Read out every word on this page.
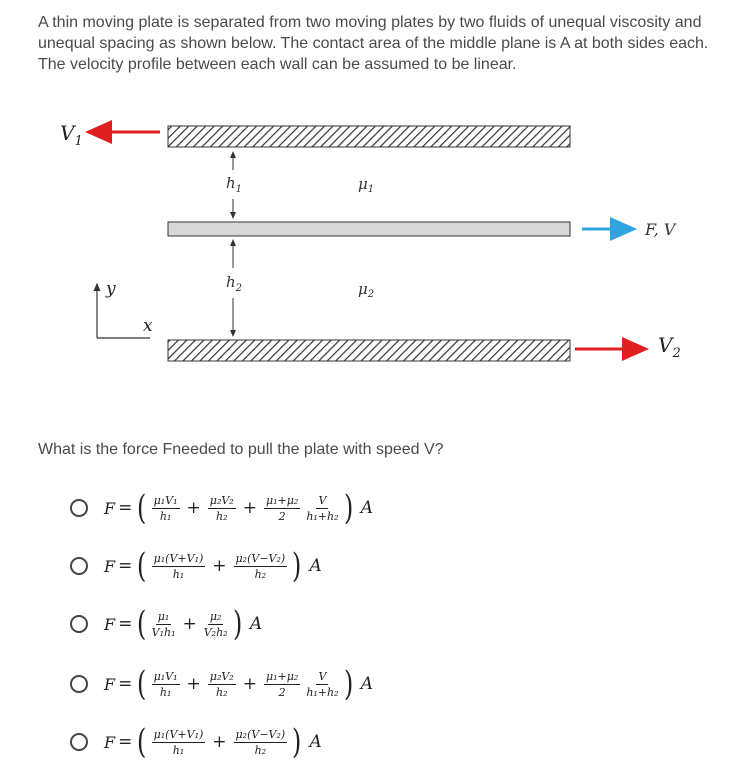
A thin moving plate is separated from two moving plates by two fluids of unequal viscosity and unequal spacing as shown below. The contact area of the middle plane is A at both sides each. The velocity profile between each wall can be assumed to be linear.
$V_1$
$h_1$	$\mu_1$
F, V
$h_2$	$\mu_2$
y
x
$V_2$
What is the force Fneeded to pull the plate with speed V?
F = ( $\frac{\text{μ₁V₁}}{\text{h₁}} + \frac{\text{μ₂V₂}}{\text{h₂}} + \frac{\text{μ₁+μ₂}}{2} \frac{V}{\text{h₁+h₂}}$ ) A
F = ( $\frac{\text{μ₁(V+V₁)}}{\text{h₁}} + \frac{\text{μ₂(V−V₂)}}{\text{h₂}}$ ) A
F = ( $\frac{\text{μ₁}}{\text{V₁h₁}} + \frac{\text{μ₂}}{\text{V₂h₂}}$ ) A
F = ( $\frac{\text{μ₁V₁}}{\text{h₁}} + \frac{\text{μ₂V₂}}{\text{h₂}} + \frac{\text{μ₁+μ₂}}{2} \frac{V}{\text{h₁+h₂}}$ ) A
F = ( $\frac{\text{μ₁(V+V₁)}}{\text{h₁}} + \frac{\text{μ₂(V−V₂)}}{\text{h₂}}$ ) A
